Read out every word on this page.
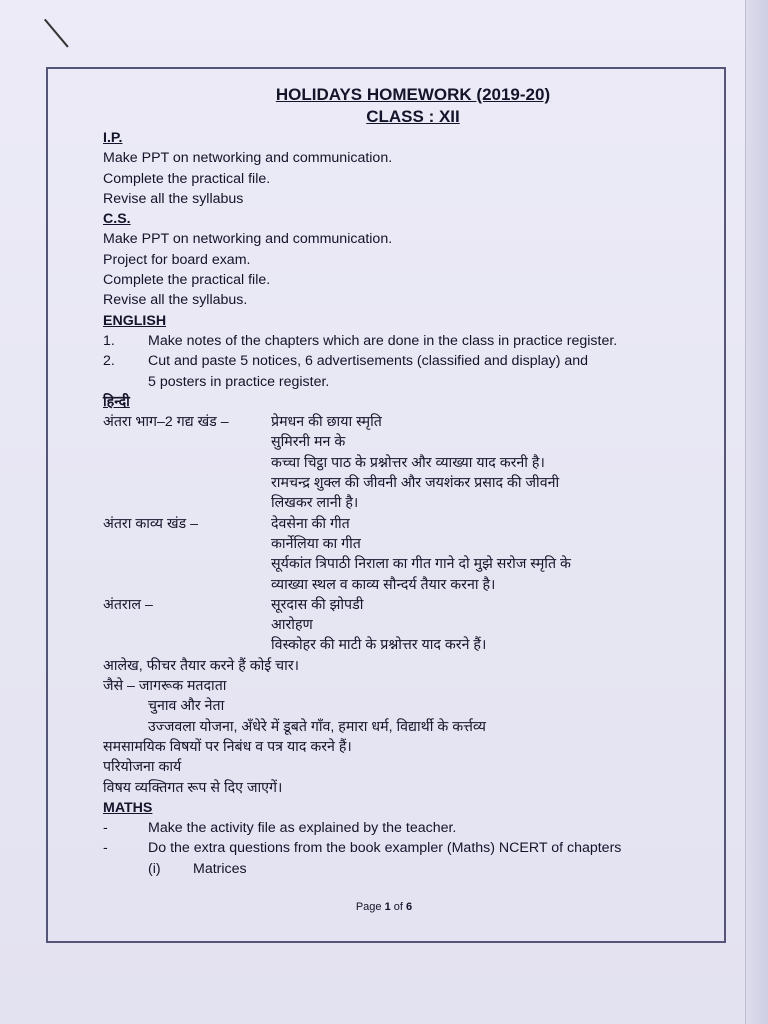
HOLIDAYS HOMEWORK (2019-20)
CLASS : XII
I.P.
Make PPT on networking and communication.
Complete the practical file.
Revise all the syllabus
C.S.
Make PPT on networking and communication.
Project for board exam.
Complete the practical file.
Revise all the syllabus.
ENGLISH
1. Make notes of the chapters which are done in the class in practice register.
2. Cut and paste 5 notices, 6 advertisements (classified and display) and
5 posters in practice register.
हिन्दी
अंतरा भाग–2 गद्य खंड –	प्रेमधन की छाया स्मृति
सुमिरनी मन के
कच्चा चिट्ठा पाठ के प्रश्नोत्तर और व्याख्या याद करनी है।
रामचन्द्र शुक्ल की जीवनी और जयशंकर प्रसाद की जीवनी
लिखकर लानी है।
अंतरा काव्य खंड –	देवसेना की गीत
कार्नेलिया का गीत
सूर्यकांत त्रिपाठी निराला का गीत गाने दो मुझे सरोज स्मृति के
व्याख्या स्थल व काव्य सौन्दर्य तैयार करना है।
अंतराल –	सूरदास की झोपडी
आरोहण
विस्कोहर की माटी के प्रश्नोत्तर याद करने हैं।
आलेख, फीचर तैयार करने हैं कोई चार।
जैसे – जागरूक मतदाता
चुनाव और नेता
उज्जवला योजना, अँधेरे में डूबते गाँव, हमारा धर्म, विद्यार्थी के कर्त्तव्य
समसामयिक विषयों पर निबंध व पत्र याद करने हैं।
परियोजना कार्य
विषय व्यक्तिगत रूप से दिए जाएगें।
MATHS
-	Make the activity file as explained by the teacher.
-	Do the extra questions from the book exampler (Maths) NCERT of chapters
(i)	Matrices
Page 1 of 6
